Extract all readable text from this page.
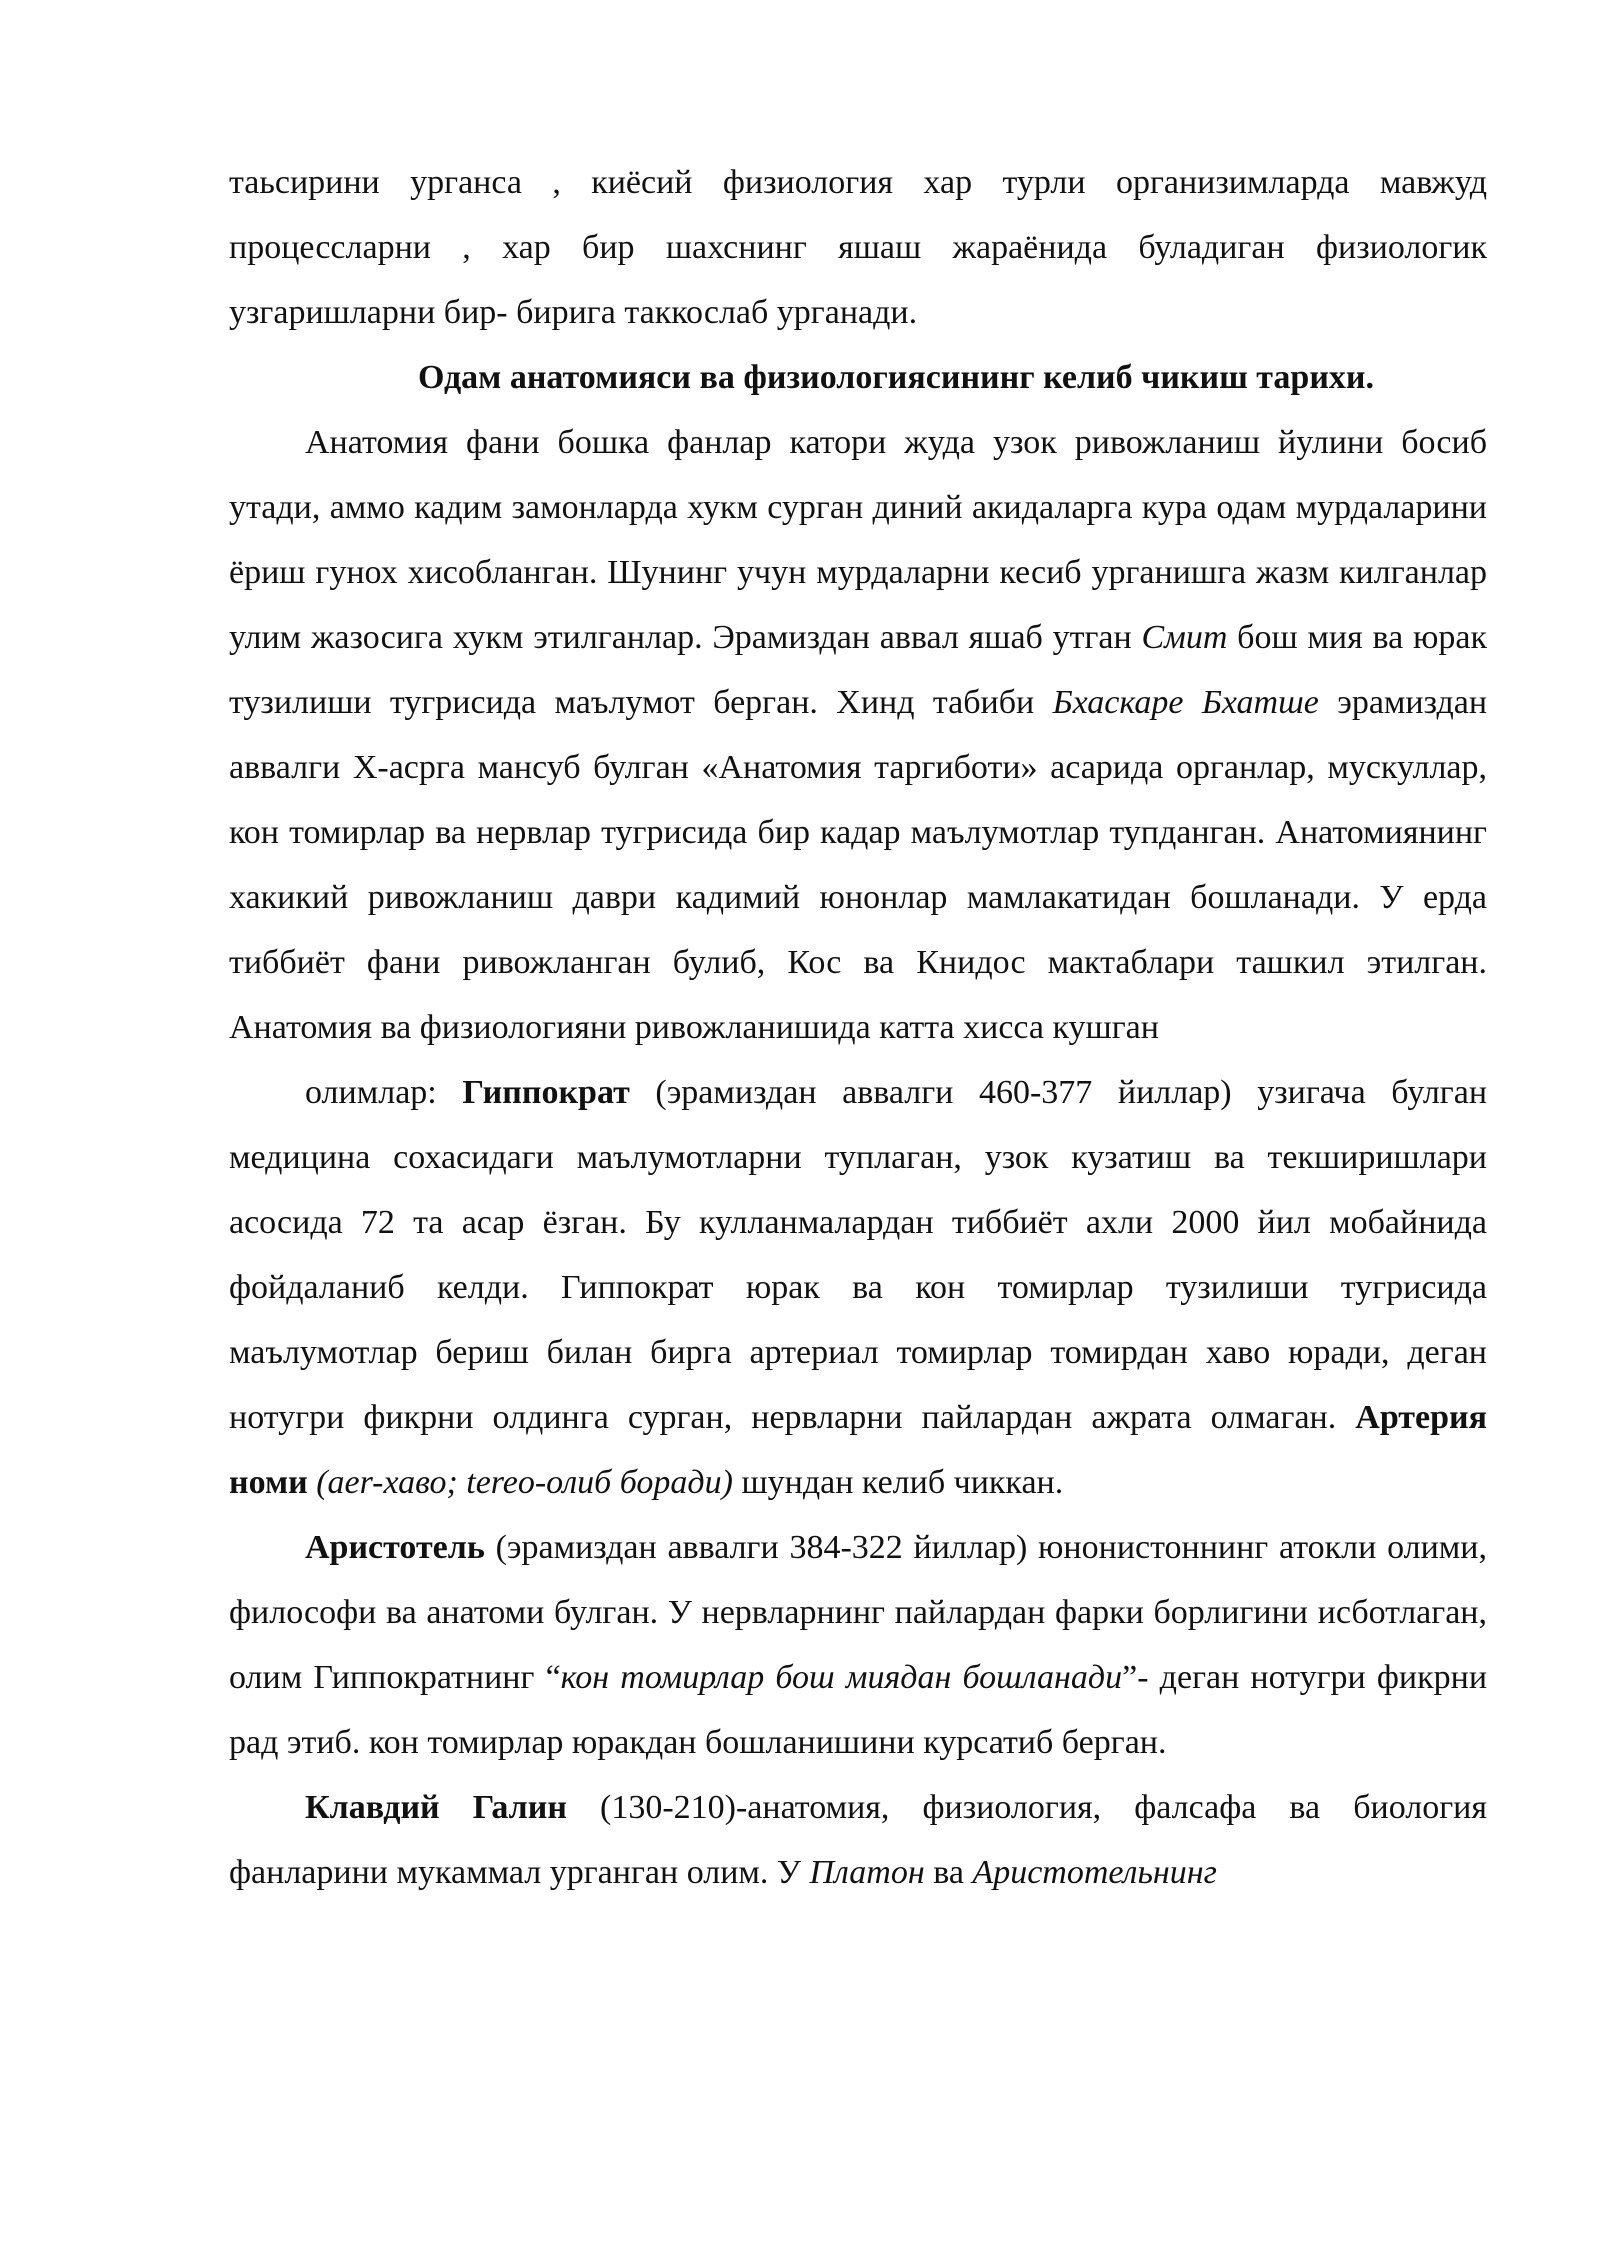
таьсирини урганса , киёсий физиология хар турли организимларда мавжуд процессларни , хар бир шахснинг яшаш жараёнида буладиган физиологик узгаришларни бир- бирига таккослаб урганади.

Одам анатомияси ва физиологиясининг келиб чикиш тарихи.

Анатомия фани бошка фанлар катори жуда узок ривожланиш йулини босиб утади, аммо кадим замонларда хукм сурган диний акидаларга кура одам мурдаларини ёриш гунох хисобланган. Шунинг учун мурдаларни кесиб урганишга жазм килганлар улим жазосига хукм этилганлар. Эрамиздан аввал яшаб утган Смит бош мия ва юрак тузилиши тугрисида маълумот берган. Хинд табиби Бхаскаре Бхатше эрамиздан аввалги X-асрга мансуб булган «Анатомия таргиботи» асарида органлар, мускуллар, кон томирлар ва нервлар тугрисида бир кадар маълумотлар тупданган. Анатомиянинг хакикий ривожланиш даври кадимий юнонлар мамлакатидан бошланади. У ерда тиббиёт фани ривожланган булиб, Кос ва Книдос мактаблари ташкил этилган. Анатомия ва физиологияни ривожланишида катта хисса кушган

олимлар: Гиппократ (эрамиздан аввалги 460-377 йиллар) узигача булган медицина сохасидаги маълумотларни туплаган, узок кузатиш ва текширишлари асосида 72 та асар ёзган. Бу кулланмалардан тиббиёт ахли 2000 йил мобайнида фойдаланиб келди. Гиппократ юрак ва кон томирлар тузилиши тугрисида маълумотлар бериш билан бирга артериал томирлар томирдан хаво юради, деган нотугри фикрни олдинга сурган, нервларни пайлардан ажрата олмаган. Артерия номи (aer-хаво; tereo-олиб боради) шундан келиб чиккан.

Аристотель (эрамиздан аввалги 384-322 йиллар) юнонистоннинг атокли олими, философи ва анатоми булган. У нервларнинг пайлардан фарки борлигини исботлаган, олим Гиппократнинг “кон томирлар бош миядан бошланади”- деган нотугри фикрни рад этиб. кон томирлар юракдан бошланишини курсатиб берган.

Клавдий Галин (130-210)-анатомия, физиология, фалсафа ва биология фанларини мукаммал урганган олим. У Платон ва Аристотельнинг
